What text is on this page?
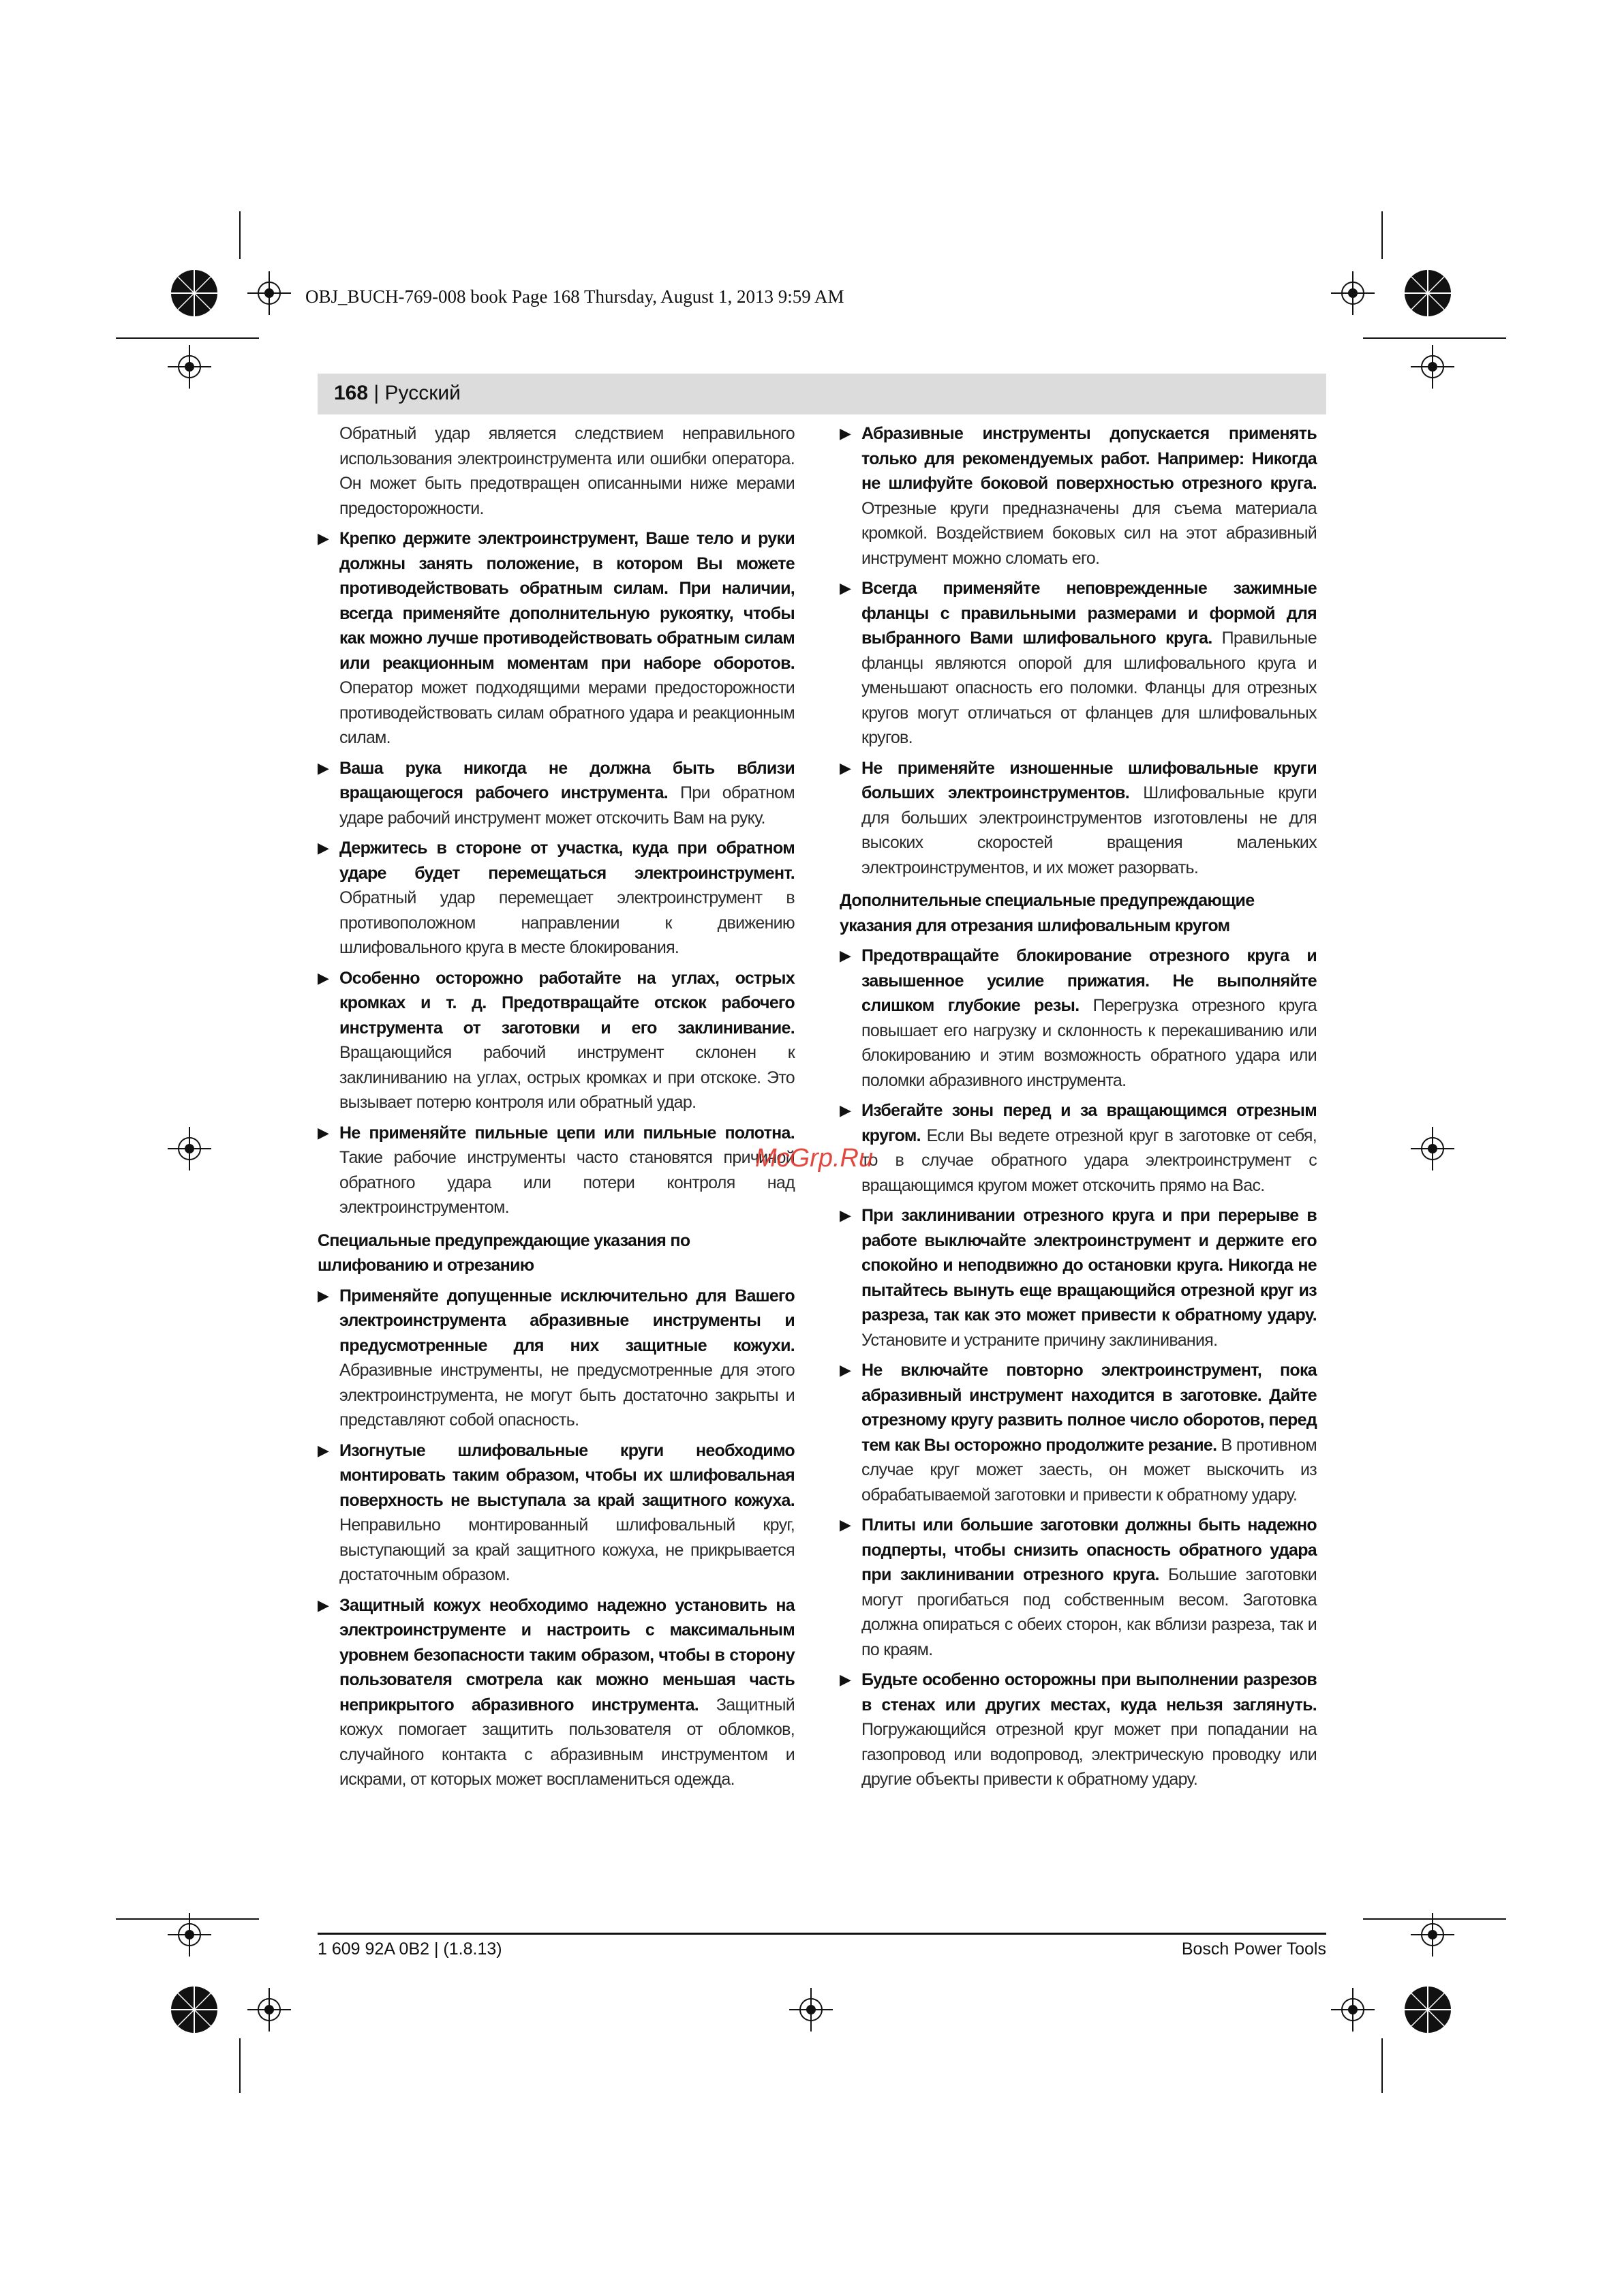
OBJ_BUCH-769-008 book Page 168 Thursday, August 1, 2013 9:59 AM
168 | Русский

Обратный удар является следствием неправильного использования электроинструмента или ошибки оператора. Он может быть предотвращен описанными ниже мерами предосторожности.

▶ Крепко держите электроинструмент, Ваше тело и руки должны занять положение, в котором Вы можете противодействовать обратным силам. При наличии, всегда применяйте дополнительную рукоятку, чтобы как можно лучше противодействовать обратным силам или реакционным моментам при наборе оборотов. Оператор может подходящими мерами предосторожности противодействовать силам обратного удара и реакционным силам.
▶ Ваша рука никогда не должна быть вблизи вращающегося рабочего инструмента. При обратном ударе рабочий инструмент может отскочить Вам на руку.
▶ Держитесь в стороне от участка, куда при обратном ударе будет перемещаться электроинструмент. Обратный удар перемещает электроинструмент в противоположном направлении к движению шлифовального круга в месте блокирования.
▶ Особенно осторожно работайте на углах, острых кромках и т. д. Предотвращайте отскок рабочего инструмента от заготовки и его заклинивание. Вращающийся рабочий инструмент склонен к заклиниванию на углах, острых кромках и при отскоке. Это вызывает потерю контроля или обратный удар.
▶ Не применяйте пильные цепи или пильные полотна. Такие рабочие инструменты часто становятся причиной обратного удара или потери контроля над электроинструментом.
Специальные предупреждающие указания по шлифованию и отрезанию
▶ Применяйте допущенные исключительно для Вашего электроинструмента абразивные инструменты и предусмотренные для них защитные кожухи. Абразивные инструменты, не предусмотренные для этого электроинструмента, не могут быть достаточно закрыты и представляют собой опасность.
▶ Изогнутые шлифовальные круги необходимо монтировать таким образом, чтобы их шлифовальная поверхность не выступала за край защитного кожуха. Неправильно монтированный шлифовальный круг, выступающий за край защитного кожуха, не прикрывается достаточным образом.
▶ Защитный кожух необходимо надежно установить на электроинструменте и настроить с максимальным уровнем безопасности таким образом, чтобы в сторону пользователя смотрела как можно меньшая часть неприкрытого абразивного инструмента. Защитный кожух помогает защитить пользователя от обломков, случайного контакта с абразивным инструментом и искрами, от которых может воспламениться одежда.
▶ Абразивные инструменты допускается применять только для рекомендуемых работ. Например: Никогда не шлифуйте боковой поверхностью отрезного круга. Отрезные круги предназначены для съема материала кромкой. Воздействием боковых сил на этот абразивный инструмент можно сломать его.
▶ Всегда применяйте неповрежденные зажимные фланцы с правильными размерами и формой для выбранного Вами шлифовального круга. Правильные фланцы являются опорой для шлифовального круга и уменьшают опасность его поломки. Фланцы для отрезных кругов могут отличаться от фланцев для шлифовальных кругов.
▶ Не применяйте изношенные шлифовальные круги больших электроинструментов. Шлифовальные круги для больших электроинструментов изготовлены не для высоких скоростей вращения маленьких электроинструментов, и их может разорвать.
Дополнительные специальные предупреждающие указания для отрезания шлифовальным кругом
▶ Предотвращайте блокирование отрезного круга и завышенное усилие прижатия. Не выполняйте слишком глубокие резы. Перегрузка отрезного круга повышает его нагрузку и склонность к перекашиванию или блокированию и этим возможность обратного удара или поломки абразивного инструмента.
▶ Избегайте зоны перед и за вращающимся отрезным кругом. Если Вы ведете отрезной круг в заготовке от себя, то в случае обратного удара электроинструмент с вращающимся кругом может отскочить прямо на Вас.
▶ При заклинивании отрезного круга и при перерыве в работе выключайте электроинструмент и держите его спокойно и неподвижно до остановки круга. Никогда не пытайтесь вынуть еще вращающийся отрезной круг из разреза, так как это может привести к обратному удару. Установите и устраните причину заклинивания.
▶ Не включайте повторно электроинструмент, пока абразивный инструмент находится в заготовке. Дайте отрезному кругу развить полное число оборотов, перед тем как Вы осторожно продолжите резание. В противном случае круг может заесть, он может выскочить из обрабатываемой заготовки и привести к обратному удару.
▶ Плиты или большие заготовки должны быть надежно подперты, чтобы снизить опасность обратного удара при заклинивании отрезного круга. Большие заготовки могут прогибаться под собственным весом. Заготовка должна опираться с обеих сторон, как вблизи разреза, так и по краям.
▶ Будьте особенно осторожны при выполнении разрезов в стенах или других местах, куда нельзя заглянуть. Погружающийся отрезной круг может при попадании на газопровод или водопровод, электрическую проводку или другие объекты привести к обратному удару.
McGrp.Ru
1 609 92A 0B2 | (1.8.13)	Bosch Power Tools
